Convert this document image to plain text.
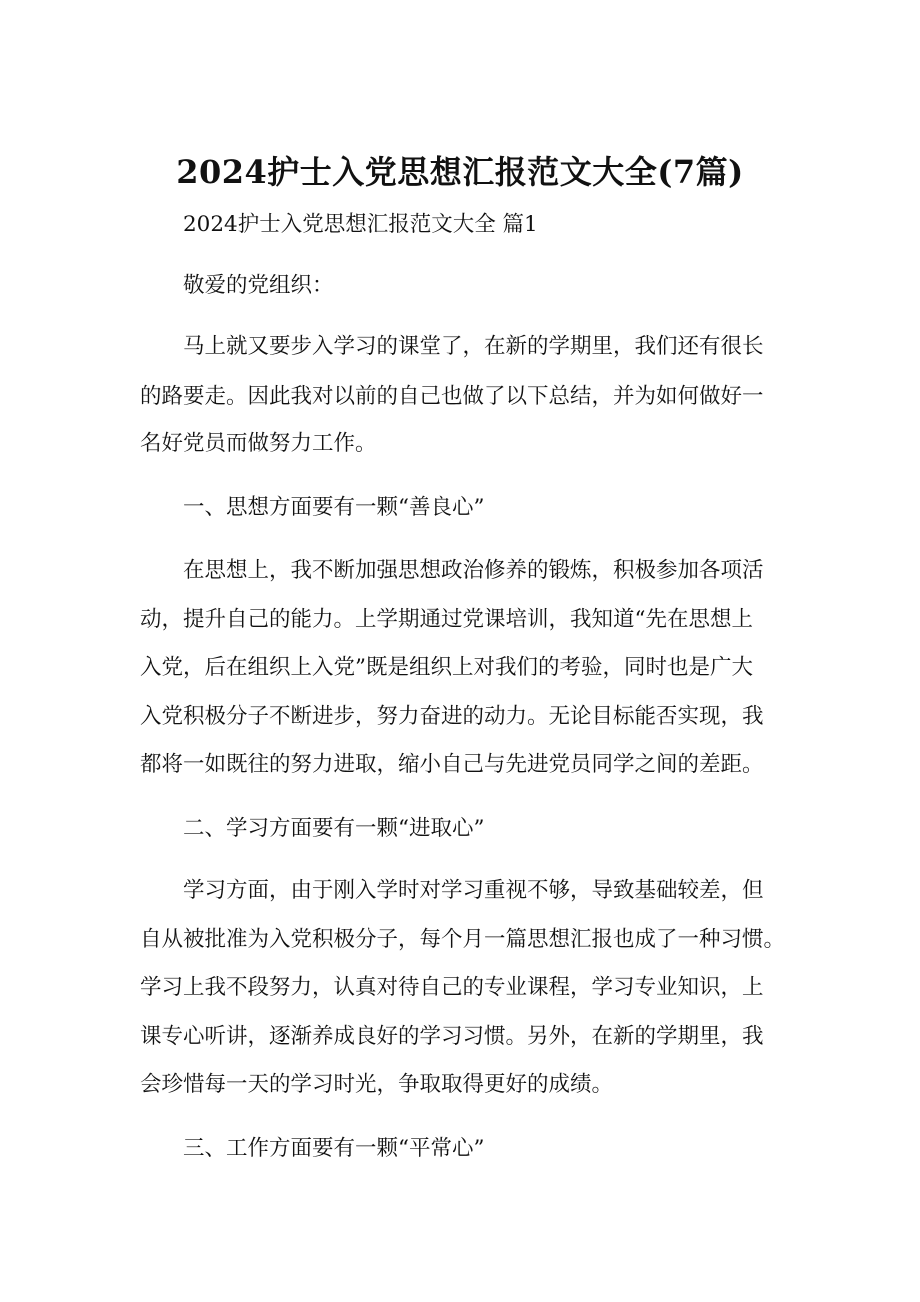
2024护士入党思想汇报范文大全(7篇)
2024护士入党思想汇报范文大全 篇1
敬爱的党组织：
马上就又要步入学习的课堂了，在新的学期里，我们还有很长
的路要走。因此我对以前的自己也做了以下总结，并为如何做好一
名好党员而做努力工作。
一、思想方面要有一颗“善良心”
在思想上，我不断加强思想政治修养的锻炼，积极参加各项活
动，提升自己的能力。上学期通过党课培训，我知道“先在思想上
入党，后在组织上入党”既是组织上对我们的考验，同时也是广大
入党积极分子不断进步，努力奋进的动力。无论目标能否实现，我
都将一如既往的努力进取，缩小自己与先进党员同学之间的差距。
二、学习方面要有一颗“进取心”
学习方面，由于刚入学时对学习重视不够，导致基础较差，但
自从被批准为入党积极分子，每个月一篇思想汇报也成了一种习惯。
学习上我不段努力，认真对待自己的专业课程，学习专业知识，上
课专心听讲，逐渐养成良好的学习习惯。另外，在新的学期里，我
会珍惜每一天的学习时光，争取取得更好的成绩。
三、工作方面要有一颗“平常心”
